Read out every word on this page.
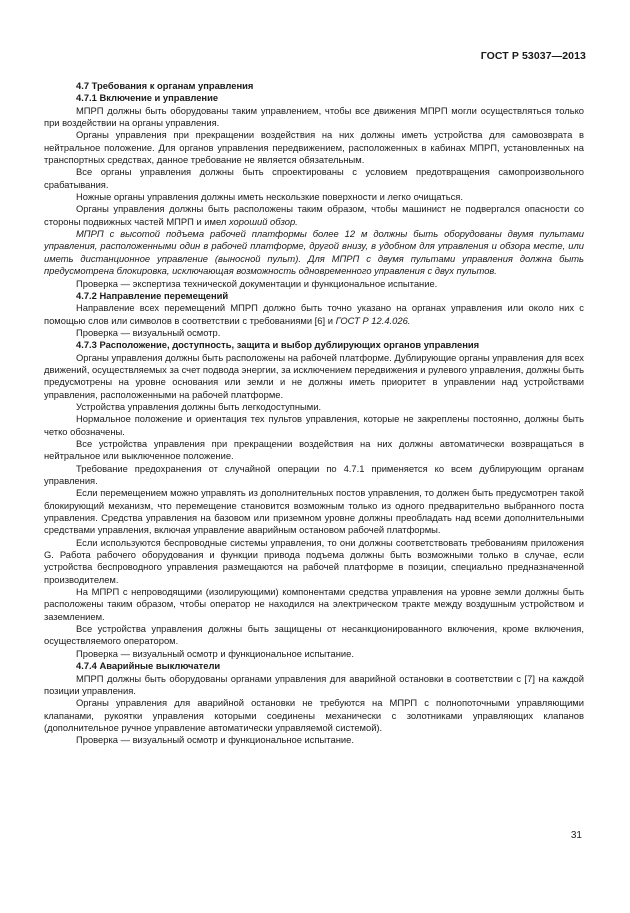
ГОСТ Р 53037—2013

4.7 Требования к органам управления

4.7.1 Включение и управление

МПРП должны быть оборудованы таким управлением, чтобы все движения МПРП могли осуществляться только при воздействии на органы управления.

Органы управления при прекращении воздействия на них должны иметь устройства для самовозврата в нейтральное положение. Для органов управления передвижением, расположенных в кабинах МПРП, установленных на транспортных средствах, данное требование не является обязательным.

Все органы управления должны быть спроектированы с условием предотвращения самопроизвольного срабатывания.

Ножные органы управления должны иметь нескользкие поверхности и легко очищаться.

Органы управления должны быть расположены таким образом, чтобы машинист не подвергался опасности со стороны подвижных частей МПРП и имел хороший обзор.

МПРП с высотой подъема рабочей платформы более 12 м должны быть оборудованы двумя пультами управления, расположенными один в рабочей платформе, другой внизу, в удобном для управления и обзора месте, или иметь дистанционное управление (выносной пульт). Для МПРП с двумя пультами управления должна быть предусмотрена блокировка, исключающая возможность одновременного управления с двух пультов.

Проверка — экспертиза технической документации и функциональное испытание.

4.7.2 Направление перемещений

Направление всех перемещений МПРП должно быть точно указано на органах управления или около них с помощью слов или символов в соответствии с требованиями [6] и ГОСТ Р 12.4.026.

Проверка — визуальный осмотр.

4.7.3 Расположение, доступность, защита и выбор дублирующих органов управления

Органы управления должны быть расположены на рабочей платформе. Дублирующие органы управления для всех движений, осуществляемых за счет подвода энергии, за исключением передвижения и рулевого управления, должны быть предусмотрены на уровне основания или земли и не должны иметь приоритет в управлении над устройствами управления, расположенными на рабочей платформе.

Устройства управления должны быть легкодоступными.

Нормальное положение и ориентация тех пультов управления, которые не закреплены постоянно, должны быть четко обозначены.

Все устройства управления при прекращении воздействия на них должны автоматически возвращаться в нейтральное или выключенное положение.

Требование предохранения от случайной операции по 4.7.1 применяется ко всем дублирующим органам управления.

Если перемещением можно управлять из дополнительных постов управления, то должен быть предусмотрен такой блокирующий механизм, что перемещение становится возможным только из одного предварительно выбранного поста управления. Средства управления на базовом или приземном уровне должны преобладать над всеми дополнительными средствами управления, включая управление аварийным остановом рабочей платформы.

Если используются беспроводные системы управления, то они должны соответствовать требованиям приложения G. Работа рабочего оборудования и функции привода подъема должны быть возможными только в случае, если устройства беспроводного управления размещаются на рабочей платформе в позиции, специально предназначенной производителем.

На МПРП с непроводящими (изолирующими) компонентами средства управления на уровне земли должны быть расположены таким образом, чтобы оператор не находился на электрическом тракте между воздушным устройством и заземлением.

Все устройства управления должны быть защищены от несанкционированного включения, кроме включения, осуществляемого оператором.

Проверка — визуальный осмотр и функциональное испытание.

4.7.4 Аварийные выключатели

МПРП должны быть оборудованы органами управления для аварийной остановки в соответствии с [7] на каждой позиции управления.

Органы управления для аварийной остановки не требуются на МПРП с полнопоточными управляющими клапанами, рукоятки управления которыми соединены механически с золотниками управляющих клапанов (дополнительное ручное управление автоматически управляемой системой).

Проверка — визуальный осмотр и функциональное испытание.

31
